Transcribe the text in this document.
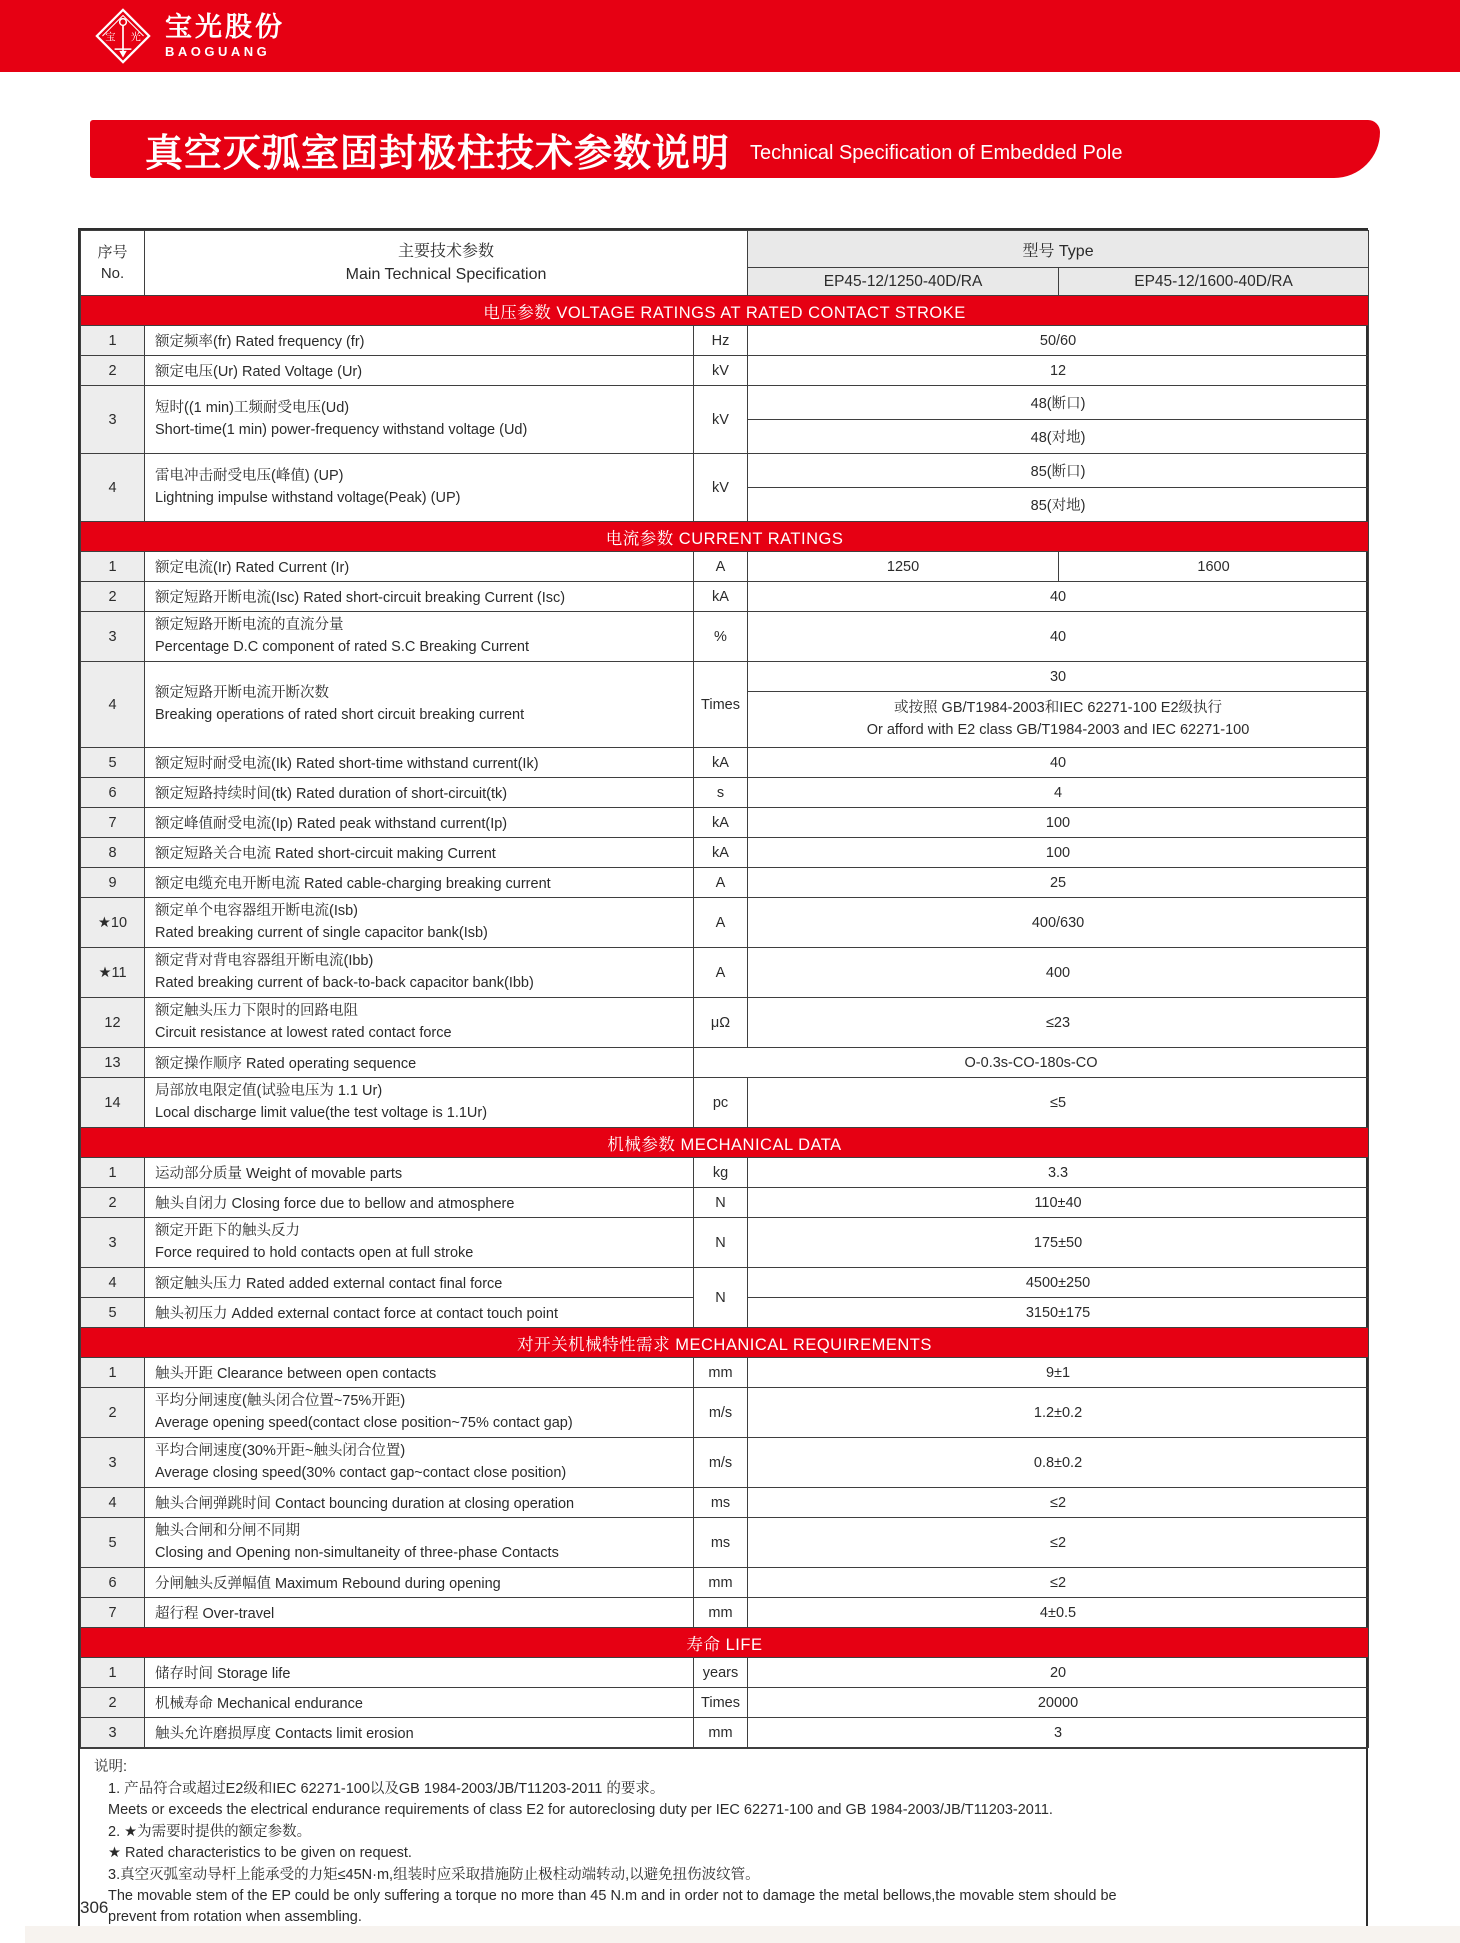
宝 光 宝光股份
BAOGUANG
真空灭弧室固封极柱技术参数说明 Technical Specification of Embedded Pole
序号
No.

主要技术参数
Main Technical Specification
	型号 Type
			EP45-12/1250-40D/RA	EP45-12/1600-40D/RA
电压参数 VOLTAGE RATINGS AT RATED CONTACT STROKE				
1	额定频率(fr) Rated frequency (fr)	Hz	50/60	
2	额定电压(Ur) Rated Voltage (Ur)	kV	12	
3	短时((1 min)工频耐受电压(Ud)
Short-time(1 min) power-frequency withstand voltage (Ud)	kV	48(断口)	
			48(对地)	
4	雷电冲击耐受电压(峰值) (UP)
Lightning impulse withstand voltage(Peak) (UP)	kV	85(断口)	
			85(对地)	
电流参数 CURRENT RATINGS				
1	额定电流(Ir) Rated Current (Ir)	A	1250	1600
2	额定短路开断电流(Isc) Rated short-circuit breaking Current (Isc)	kA	40	
3	额定短路开断电流的直流分量
Percentage D.C component of rated S.C Breaking Current	%	40	
4	额定短路开断电流开断次数
Breaking operations of rated short circuit breaking current	Times	30	

			或按照 GB/T1984-2003和IEC 62271-100 E2级执行
Or afford with E2 class GB/T1984-2003 and IEC 62271-100	

5	额定短时耐受电流(Ik) Rated short-time withstand current(Ik)	kA	40	
6	额定短路持续时间(tk) Rated duration of short-circuit(tk)	s	4	
7	额定峰值耐受电流(Ip) Rated peak withstand current(Ip)	kA	100	
8	额定短路关合电流 Rated short-circuit making Current	kA	100	
9	额定电缆充电开断电流 Rated cable-charging breaking current	A	25	
★10	额定单个电容器组开断电流(Isb)
Rated breaking current of single capacitor bank(Isb)	A	400/630	
★11	额定背对背电容器组开断电流(Ibb)
Rated breaking current of back-to-back capacitor bank(Ibb)	A	400	
12	额定触头压力下限时的回路电阻
Circuit resistance at lowest rated contact force	μΩ	≤23	
13	额定操作顺序 Rated operating sequence	O-0.3s-CO-180s-CO		
14	局部放电限定值(试验电压为 1.1 Ur)
Local discharge limit value(the test voltage is 1.1Ur)	pc	≤5	
机械参数 MECHANICAL DATA				
1	运动部分质量 Weight of movable parts	kg	3.3	
2	触头自闭力 Closing force due to bellow and atmosphere	N	110±40	
3	额定开距下的触头反力
Force required to hold contacts open at full stroke	N	175±50	
4	额定触头压力 Rated added external contact final force	N	4500±250	
5	触头初压力 Added external contact force at contact touch point		3150±175	
对开关机械特性需求 MECHANICAL REQUIREMENTS				
1	触头开距 Clearance between open contacts	mm	9±1	
2	平均分闸速度(触头闭合位置~75%开距)
Average opening speed(contact close position~75% contact gap)	m/s	1.2±0.2	
3	平均合闸速度(30%开距~触头闭合位置)
Average closing speed(30% contact gap~contact close position)	m/s	0.8±0.2	
4	触头合闸弹跳时间 Contact bouncing duration at closing operation	ms	≤2	
5	触头合闸和分闸不同期
Closing and Opening non-simultaneity of three-phase Contacts	ms	≤2	
6	分闸触头反弹幅值 Maximum Rebound during opening	mm	≤2	
7	超行程 Over-travel	mm	4±0.5	
寿命 LIFE				
1	储存时间 Storage life	years	20	
2	机械寿命 Mechanical endurance	Times	20000	
3	触头允许磨损厚度 Contacts limit erosion	mm	3	
说明:
1. 产品符合或超过E2级和IEC 62271-100以及GB 1984-2003/JB/T11203-2011 的要求。
Meets or exceeds the electrical endurance requirements of class E2 for autoreclosing duty per IEC 62271-100 and GB 1984-2003/JB/T11203-2011.
2. ★为需要时提供的额定参数。
★ Rated characteristics to be given on request.
3.真空灭弧室动导杆上能承受的力矩≤45N·m,组装时应采取措施防止极柱动端转动,以避免扭伤波纹管。
The movable stem of the EP could be only suffering a torque no more than 45 N.m and in order not to damage the metal bellows,the movable stem should be
prevent from rotation when assembling.
306
